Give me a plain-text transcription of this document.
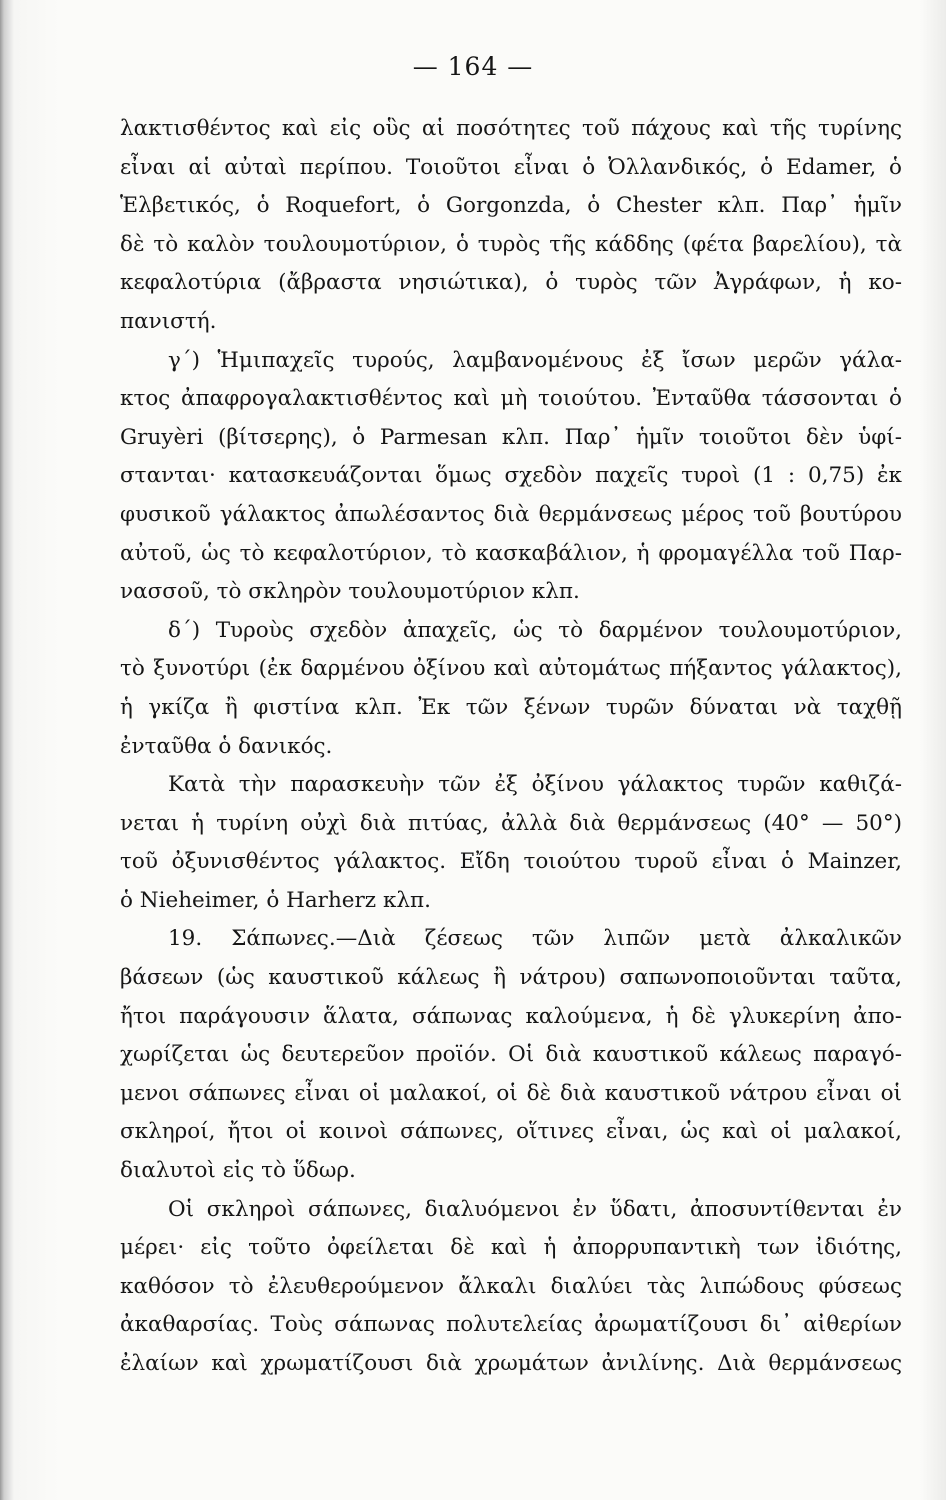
— 164 —
λακτισθέντος καὶ εἰς οὓς αἱ ποσότητες τοῦ πάχους καὶ τῆς τυρίνης
εἶναι αἱ αὐταὶ περίπου. Τοιοῦτοι εἶναι ὁ Ὀλλανδικός, ὁ Edamer, ὁ
Ἑλβετικός, ὁ Roquefort, ὁ Gorgonzda, ὁ Chester κλπ. Παρ᾽ ἡμῖν
δὲ τὸ καλὸν τουλουμοτύριον, ὁ τυρὸς τῆς κάδδης (φέτα βαρελίου), τὰ
κεφαλοτύρια (ἄβραστα νησιώτικα), ὁ τυρὸς τῶν Ἀγράφων, ἡ κο-
πανιστή.
γ΄) Ἡμιπαχεῖς τυρούς, λαμβανομένους ἐξ ἴσων μερῶν γάλα-
κτος ἀπαφρογαλακτισθέντος καὶ μὴ τοιούτου. Ἐνταῦθα τάσσονται ὁ
Gruyèri (βίτσερης), ὁ Parmesan κλπ. Παρ᾽ ἡμῖν τοιοῦτοι δὲν ὑφί-
στανται· κατασκευάζονται ὅμως σχεδὸν παχεῖς τυροὶ (1 : 0,75) ἐκ
φυσικοῦ γάλακτος ἀπωλέσαντος διὰ θερμάνσεως μέρος τοῦ βουτύρου
αὐτοῦ, ὡς τὸ κεφαλοτύριον, τὸ κασκαβάλιον, ἡ φρομαγέλλα τοῦ Παρ-
νασσοῦ, τὸ σκληρὸν τουλουμοτύριον κλπ.
δ΄) Τυροὺς σχεδὸν ἀπαχεῖς, ὡς τὸ δαρμένον τουλουμοτύριον,
τὸ ξυνοτύρι (ἐκ δαρμένου ὀξίνου καὶ αὐτομάτως πήξαντος γάλακτος),
ἡ γκίζα ἢ φιστίνα κλπ. Ἐκ τῶν ξένων τυρῶν δύναται νὰ ταχθῇ
ἐνταῦθα ὁ δανικός.
Κατὰ τὴν παρασκευὴν τῶν ἐξ ὀξίνου γάλακτος τυρῶν καθιζά-
νεται ἡ τυρίνη οὐχὶ διὰ πιτύας, ἀλλὰ διὰ θερμάνσεως (40° — 50°)
τοῦ ὀξυνισθέντος γάλακτος. Εἴδη τοιούτου τυροῦ εἶναι ὁ Mainzer,
ὁ Nieheimer, ὁ Harherz κλπ.
19. Σάπωνες.—Διὰ ζέσεως τῶν λιπῶν μετὰ ἀλκαλικῶν
βάσεων (ὡς καυστικοῦ κάλεως ἢ νάτρου) σαπωνοποιοῦνται ταῦτα,
ἤτοι παράγουσιν ἅλατα, σάπωνας καλούμενα, ἡ δὲ γλυκερίνη ἀπο-
χωρίζεται ὡς δευτερεῦον προϊόν. Οἱ διὰ καυστικοῦ κάλεως παραγό-
μενοι σάπωνες εἶναι οἱ μαλακοί, οἱ δὲ διὰ καυστικοῦ νάτρου εἶναι οἱ
σκληροί, ἤτοι οἱ κοινοὶ σάπωνες, οἵτινες εἶναι, ὡς καὶ οἱ μαλακοί,
διαλυτοὶ εἰς τὸ ὕδωρ.
Οἱ σκληροὶ σάπωνες, διαλυόμενοι ἐν ὕδατι, ἀποσυντίθενται ἐν
μέρει· εἰς τοῦτο ὀφείλεται δὲ καὶ ἡ ἀπορρυπαντικὴ των ἰδιότης,
καθόσον τὸ ἐλευθερούμενον ἄλκαλι διαλύει τὰς λιπώδους φύσεως
ἀκαθαρσίας. Τοὺς σάπωνας πολυτελείας ἀρωματίζουσι δι᾽ αἰθερίων
ἐλαίων καὶ χρωματίζουσι διὰ χρωμάτων ἀνιλίνης. Διὰ θερμάνσεως
